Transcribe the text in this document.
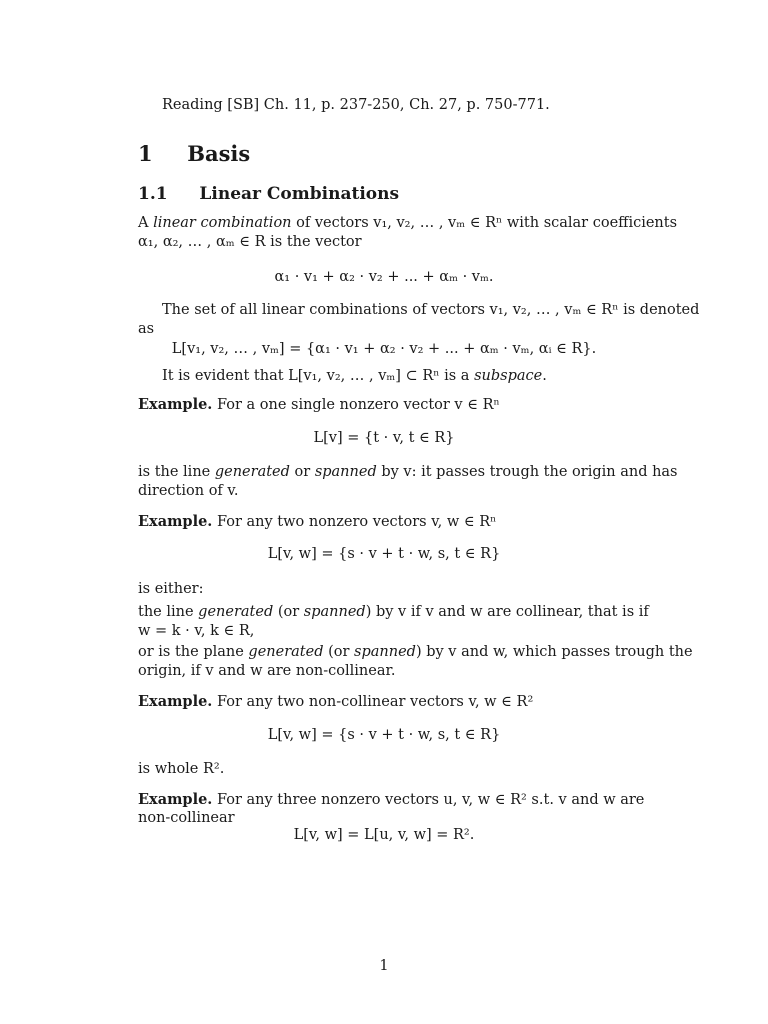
Reading [SB] Ch. 11, p. 237-250, Ch. 27, p. 750-771.

1 Basis
1.1 Linear Combinations

A linear combination of vectors v₁, v₂, … , vₘ ∈ Rⁿ with scalar coefficients

α₁, α₂, … , αₘ ∈ R is the vector

α₁ · v₁ + α₂ · v₂ + ... + αₘ · vₘ.

The set of all linear combinations of vectors v₁, v₂, … , vₘ ∈ Rⁿ is denoted

as

L[v₁, v₂, … , vₘ] = {α₁ · v₁ + α₂ · v₂ + ... + αₘ · vₘ, αᵢ ∈ R}.

It is evident that L[v₁, v₂, … , vₘ] ⊂ Rⁿ is a subspace.

Example. For a one single nonzero vector v ∈ Rⁿ

L[v] = {t · v, t ∈ R}

is the line generated or spanned by v: it passes trough the origin and has

direction of v.

Example. For any two nonzero vectors v, w ∈ Rⁿ

L[v, w] = {s · v + t · w, s, t ∈ R}

is either:

the line generated (or spanned) by v if v and w are collinear, that is if

w = k · v, k ∈ R,

or is the plane generated (or spanned) by v and w, which passes trough the

origin, if v and w are non-collinear.

Example. For any two non-collinear vectors v, w ∈ R²

L[v, w] = {s · v + t · w, s, t ∈ R}

is whole R².

Example. For any three nonzero vectors u, v, w ∈ R² s.t. v and w are

non-collinear

L[v, w] = L[u, v, w] = R².

1
